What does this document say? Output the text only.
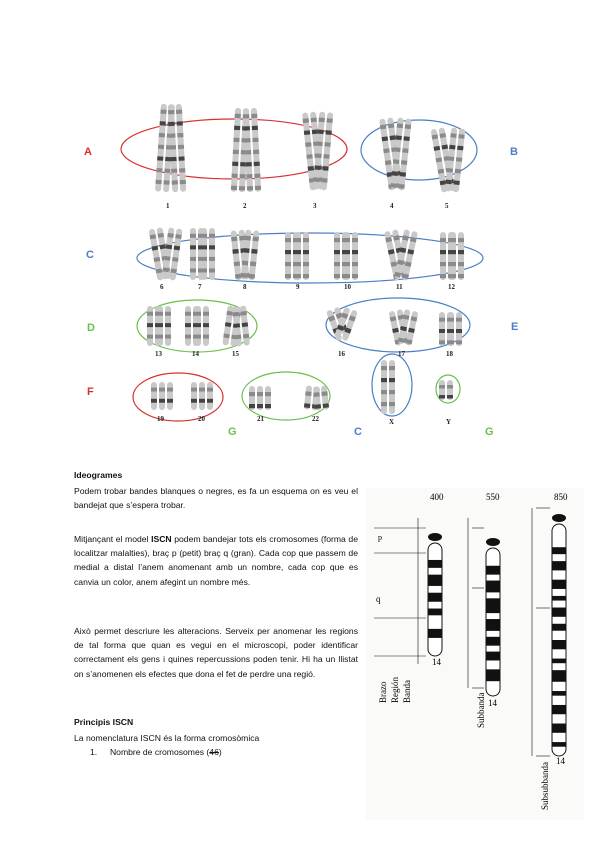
A	B
C
D	E
F
G	C	G
1	2	3	4	5
6	7	8	9	10	11	12
13	14	15	16	17	18
19	20	21	22	X	Y
Ideogrames
Podem trobar bandes blanques o negres, es fa un esquema on es veu el bandejat que s’espera trobar.
Mitjançant el model ISCN podem bandejar tots els cromosomes (forma de localitzar malalties), braç p (petit) braç q (gran). Cada cop que passem de medial a distal l’anem anomenant amb un nombre, cada cop que es canvia un color, anem afegint un nombre més.
Això permet descriure les alteracions. Serveix per anomenar les regions de tal forma que quan es vegui en el microscopi, poder identificar correctament els gens i quines repercussions poden tenir. Hi ha un llistat on s’anomenen els efectes que dona el fet de perdre una regió.
Principis ISCN
La nomenclatura ISCN és la forma cromosòmica
1. Nombre de cromosomes (46)
400	550	850
p
q
14
14
14
Brazo Región Banda
Subbanda
Subsubbanda
